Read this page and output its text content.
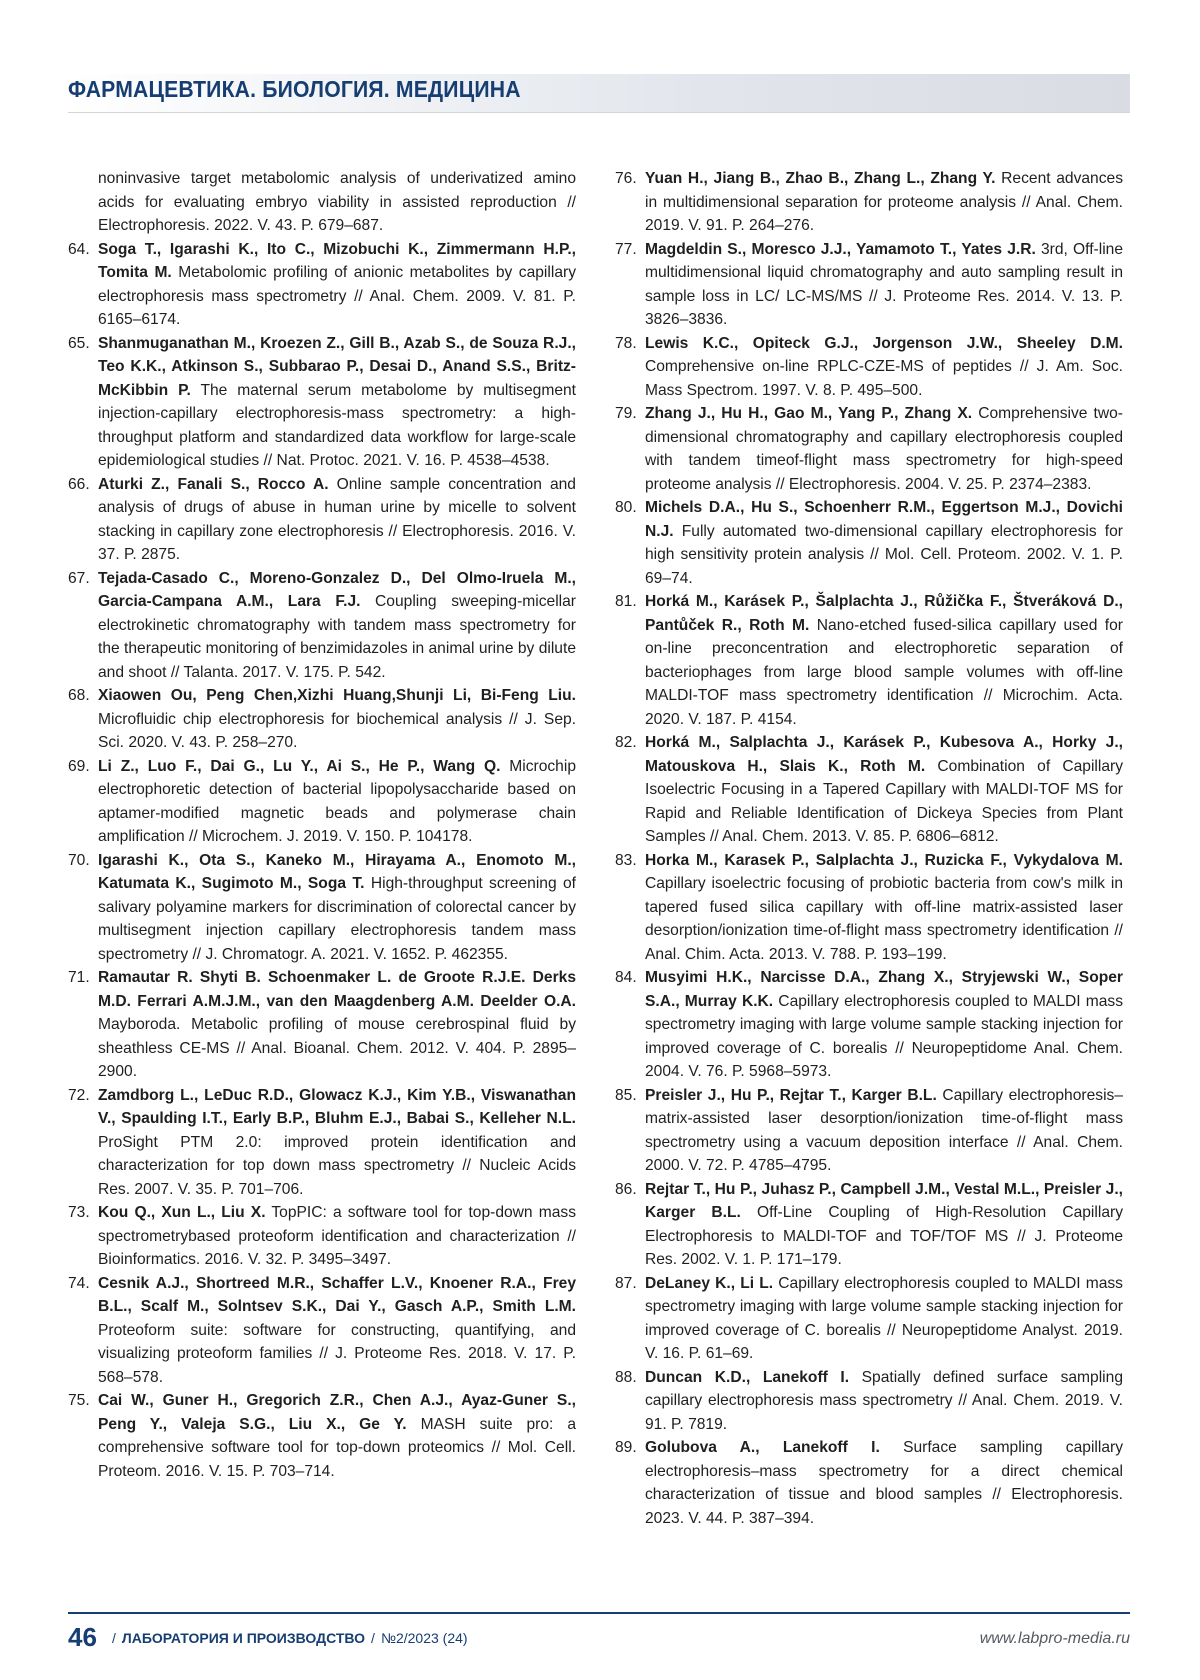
ФАРМАЦЕВТИКА. БИОЛОГИЯ. МЕДИЦИНА
noninvasive target metabolomic analysis of underivatized amino acids for evaluating embryo viability in assisted reproduction // Electrophoresis. 2022. V. 43. P. 679–687.
64. Soga T., Igarashi K., Ito C., Mizobuchi K., Zimmermann H.P., Tomita M. Metabolomic profiling of anionic metabolites by capillary electrophoresis mass spectrometry // Anal. Chem. 2009. V. 81. P. 6165–6174.
65. Shanmuganathan M., Kroezen Z., Gill B., Azab S., de Souza R.J., Teo K.K., Atkinson S., Subbarao P., Desai D., Anand S.S., Britz-McKibbin P. The maternal serum metabolome by multisegment injection-capillary electrophoresis-mass spectrometry: a high-throughput platform and standardized data workflow for large-scale epidemiological studies // Nat. Protoc. 2021. V. 16. P. 4538–4538.
66. Aturki Z., Fanali S., Rocco A. Online sample concentration and analysis of drugs of abuse in human urine by micelle to solvent stacking in capillary zone electrophoresis // Electrophoresis. 2016. V. 37. P. 2875.
67. Tejada-Casado C., Moreno-Gonzalez D., Del Olmo-Iruela M., Garcia-Campana A.M., Lara F.J. Coupling sweeping-micellar electrokinetic chromatography with tandem mass spectrometry for the therapeutic monitoring of benzimidazoles in animal urine by dilute and shoot // Talanta. 2017. V. 175. P. 542.
68. Xiaowen Ou, Peng Chen,Xizhi Huang,Shunji Li, Bi-Feng Liu. Microfluidic chip electrophoresis for biochemical analysis // J. Sep. Sci. 2020. V. 43. P. 258–270.
69. Li Z., Luo F., Dai G., Lu Y., Ai S., He P., Wang Q. Microchip electrophoretic detection of bacterial lipopolysaccharide based on aptamer-modified magnetic beads and polymerase chain amplification // Microchem. J. 2019. V. 150. P. 104178.
70. Igarashi K., Ota S., Kaneko M., Hirayama A., Enomoto M., Katumata K., Sugimoto M., Soga T. High-throughput screening of salivary polyamine markers for discrimination of colorectal cancer by multisegment injection capillary electrophoresis tandem mass spectrometry // J. Chromatogr. A. 2021. V. 1652. P. 462355.
71. Ramautar R. Shyti B. Schoenmaker L. de Groote R.J.E. Derks M.D. Ferrari A.M.J.M., van den Maagdenberg A.M. Deelder O.A. Mayboroda. Metabolic profiling of mouse cerebrospinal fluid by sheathless CE-MS // Anal. Bioanal. Chem. 2012. V. 404. P. 2895–2900.
72. Zamdborg L., LeDuc R.D., Glowacz K.J., Kim Y.B., Viswanathan V., Spaulding I.T., Early B.P., Bluhm E.J., Babai S., Kelleher N.L. ProSight PTM 2.0: improved protein identification and characterization for top down mass spectrometry // Nucleic Acids Res. 2007. V. 35. P. 701–706.
73. Kou Q., Xun L., Liu X. TopPIC: a software tool for top-down mass spectrometrybased proteoform identification and characterization // Bioinformatics. 2016. V. 32. P. 3495–3497.
74. Cesnik A.J., Shortreed M.R., Schaffer L.V., Knoener R.A., Frey B.L., Scalf M., Solntsev S.K., Dai Y., Gasch A.P., Smith L.M. Proteoform suite: software for constructing, quantifying, and visualizing proteoform families // J. Proteome Res. 2018. V. 17. P. 568–578.
75. Cai W., Guner H., Gregorich Z.R., Chen A.J., Ayaz-Guner S., Peng Y., Valeja S.G., Liu X., Ge Y. MASH suite pro: a comprehensive software tool for top-down proteomics // Mol. Cell. Proteom. 2016. V. 15. P. 703–714.
76. Yuan H., Jiang B., Zhao B., Zhang L., Zhang Y. Recent advances in multidimensional separation for proteome analysis // Anal. Chem. 2019. V. 91. P. 264–276.
77. Magdeldin S., Moresco J.J., Yamamoto T., Yates J.R. 3rd, Off-line multidimensional liquid chromatography and auto sampling result in sample loss in LC/ LC-MS/MS // J. Proteome Res. 2014. V. 13. P. 3826–3836.
78. Lewis K.C., Opiteck G.J., Jorgenson J.W., Sheeley D.M. Comprehensive on-line RPLC-CZE-MS of peptides // J. Am. Soc. Mass Spectrom. 1997. V. 8. P. 495–500.
79. Zhang J., Hu H., Gao M., Yang P., Zhang X. Comprehensive two-dimensional chromatography and capillary electrophoresis coupled with tandem timeof-flight mass spectrometry for high-speed proteome analysis // Electrophoresis. 2004. V. 25. P. 2374–2383.
80. Michels D.A., Hu S., Schoenherr R.M., Eggertson M.J., Dovichi N.J. Fully automated two-dimensional capillary electrophoresis for high sensitivity protein analysis // Mol. Cell. Proteom. 2002. V. 1. P. 69–74.
81. Horká M., Karásek P., Šalplachta J., Růžička F., Štveráková D., Pantůček R., Roth M. Nano-etched fused-silica capillary used for on-line preconcentration and electrophoretic separation of bacteriophages from large blood sample volumes with off-line MALDI-TOF mass spectrometry identification // Microchim. Acta. 2020. V. 187. P. 4154.
82. Horká M., Salplachta J., Karásek P., Kubesova A., Horky J., Matouskova H., Slais K., Roth M. Combination of Capillary Isoelectric Focusing in a Tapered Capillary with MALDI-TOF MS for Rapid and Reliable Identification of Dickeya Species from Plant Samples // Anal. Chem. 2013. V. 85. P. 6806–6812.
83. Horka M., Karasek P., Salplachta J., Ruzicka F., Vykydalova M. Capillary isoelectric focusing of probiotic bacteria from cow's milk in tapered fused silica capillary with off-line matrix-assisted laser desorption/ionization time-of-flight mass spectrometry identification // Anal. Chim. Acta. 2013. V. 788. P. 193–199.
84. Musyimi H.K., Narcisse D.A., Zhang X., Stryjewski W., Soper S.A., Murray K.K. Capillary electrophoresis coupled to MALDI mass spectrometry imaging with large volume sample stacking injection for improved coverage of C. borealis // Neuropeptidome Anal. Chem. 2004. V. 76. P. 5968–5973.
85. Preisler J., Hu P., Rejtar T., Karger B.L. Capillary electrophoresis–matrix-assisted laser desorption/ionization time-of-flight mass spectrometry using a vacuum deposition interface // Anal. Chem. 2000. V. 72. P. 4785–4795.
86. Rejtar T., Hu P., Juhasz P., Campbell J.M., Vestal M.L., Preisler J., Karger B.L. Off-Line Coupling of High-Resolution Capillary Electrophoresis to MALDI-TOF and TOF/TOF MS // J. Proteome Res. 2002. V. 1. P. 171–179.
87. DeLaney K., Li L. Capillary electrophoresis coupled to MALDI mass spectrometry imaging with large volume sample stacking injection for improved coverage of C. borealis // Neuropeptidome Analyst. 2019. V. 16. P. 61–69.
88. Duncan K.D., Lanekoff I. Spatially defined surface sampling capillary electrophoresis mass spectrometry // Anal. Chem. 2019. V. 91. P. 7819.
89. Golubova A., Lanekoff I. Surface sampling capillary electrophoresis–mass spectrometry for a direct chemical characterization of tissue and blood samples // Electrophoresis. 2023. V. 44. P. 387–394.
46	/ ЛАБОРАТОРИЯ И ПРОИЗВОДСТВО / №2/2023 (24)	www.labpro-media.ru
